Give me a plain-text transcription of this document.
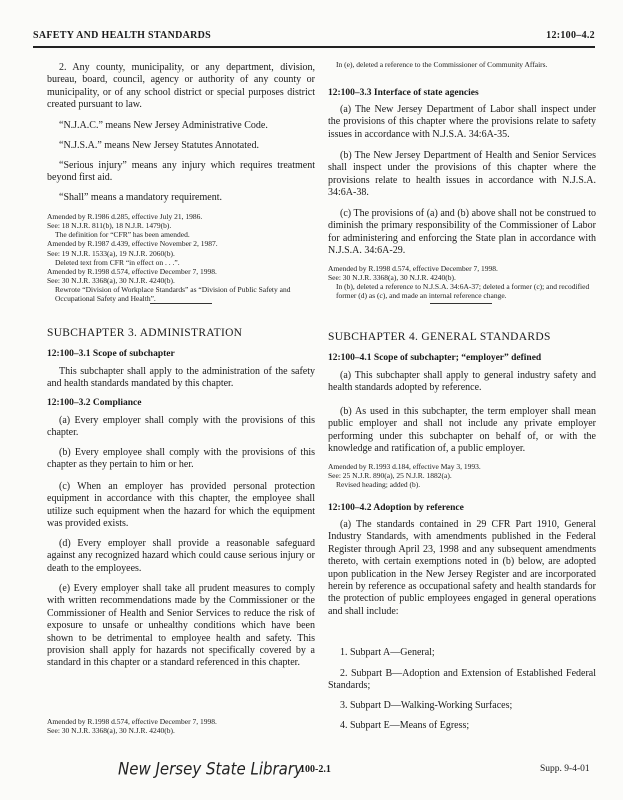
SAFETY AND HEALTH STANDARDS	12:100–4.2

2. Any county, municipality, or any department, division, bureau, board, council, agency or authority of any county or municipality, or of any school district or special purposes district created pursuant to law.

“N.J.A.C.” means New Jersey Administrative Code.

“N.J.S.A.” means New Jersey Statutes Annotated.

“Serious injury” means any injury which requires treatment beyond first aid.

“Shall” means a mandatory requirement.

Amended by R.1986 d.285, effective July 21, 1986.

See: 18 N.J.R. 811(b), 18 N.J.R. 1479(b).

The definition for “CFR” has been amended.

Amended by R.1987 d.439, effective November 2, 1987.

See: 19 N.J.R. 1533(a), 19 N.J.R. 2060(b).

Deleted text from CFR “in effect on . . .”.

Amended by R.1998 d.574, effective December 7, 1998.

See: 30 N.J.R. 3368(a), 30 N.J.R. 4240(b).

Rewrote “Division of Workplace Standards” as “Division of Public Safety and Occupational Safety and Health”.

SUBCHAPTER 3. ADMINISTRATION

12:100–3.1 Scope of subchapter

This subchapter shall apply to the administration of the safety and health standards mandated by this chapter.

12:100–3.2 Compliance

(a) Every employer shall comply with the provisions of this chapter.

(b) Every employee shall comply with the provisions of this chapter as they pertain to him or her.

(c) When an employer has provided personal protection equipment in accordance with this chapter, the employee shall utilize such equipment when the hazard for which the equipment was provided exists.

(d) Every employer shall provide a reasonable safeguard against any recognized hazard which could cause serious injury or death to the employees.

(e) Every employer shall take all prudent measures to comply with written recommendations made by the Commissioner or the Commissioner of Health and Senior Services to reduce the risk of exposure to unsafe or unhealthy conditions which have been shown to be detrimental to employee health and safety. This provision shall apply for hazards not specifically covered by a standard in this chapter or a standard referenced in this chapter.

Amended by R.1998 d.574, effective December 7, 1998.

See: 30 N.J.R. 3368(a), 30 N.J.R. 4240(b).

In (e), deleted a reference to the Commissioner of Community Affairs.

12:100–3.3 Interface of state agencies

(a) The New Jersey Department of Labor shall inspect under the provisions of this chapter where the provisions relate to safety issues in accordance with N.J.S.A. 34:6A-35.

(b) The New Jersey Department of Health and Senior Services shall inspect under the provisions of this chapter where the provisions relate to health issues in accordance with N.J.S.A. 34:6A-38.

(c) The provisions of (a) and (b) above shall not be construed to diminish the primary responsibility of the Commissioner of Labor for administering and enforcing the State plan in accordance with N.J.S.A. 34:6A-29.

Amended by R.1998 d.574, effective December 7, 1998.

See: 30 N.J.R. 3368(a), 30 N.J.R. 4240(b).

In (b), deleted a reference to N.J.S.A. 34:6A-37; deleted a former (c); and recodified former (d) as (c), and made an internal reference change.

SUBCHAPTER 4. GENERAL STANDARDS

12:100–4.1 Scope of subchapter; “employer” defined

(a) This subchapter shall apply to general industry safety and health standards adopted by reference.

(b) As used in this subchapter, the term employer shall mean public employer and shall not include any private employer performing under this subchapter on behalf of, or with the knowledge and ratification of, a public employer.

Amended by R.1993 d.184, effective May 3, 1993.

See: 25 N.J.R. 890(a), 25 N.J.R. 1882(a).

Revised heading; added (b).

12:100–4.2 Adoption by reference

(a) The standards contained in 29 CFR Part 1910, General Industry Standards, with amendments published in the Federal Register through April 23, 1998 and any subsequent amendments thereto, with certain exemptions noted in (b) below, are adopted upon publication in the New Jersey Register and are incorporated herein by reference as occupational safety and health standards for the protection of public employees engaged in general operations and shall include:

1. Subpart A—General;

2. Subpart B—Adoption and Extension of Established Federal Standards;

3. Subpart D—Walking-Working Surfaces;

4. Subpart E—Means of Egress;

New Jersey State Library
100-2.1	Supp. 9-4-01
